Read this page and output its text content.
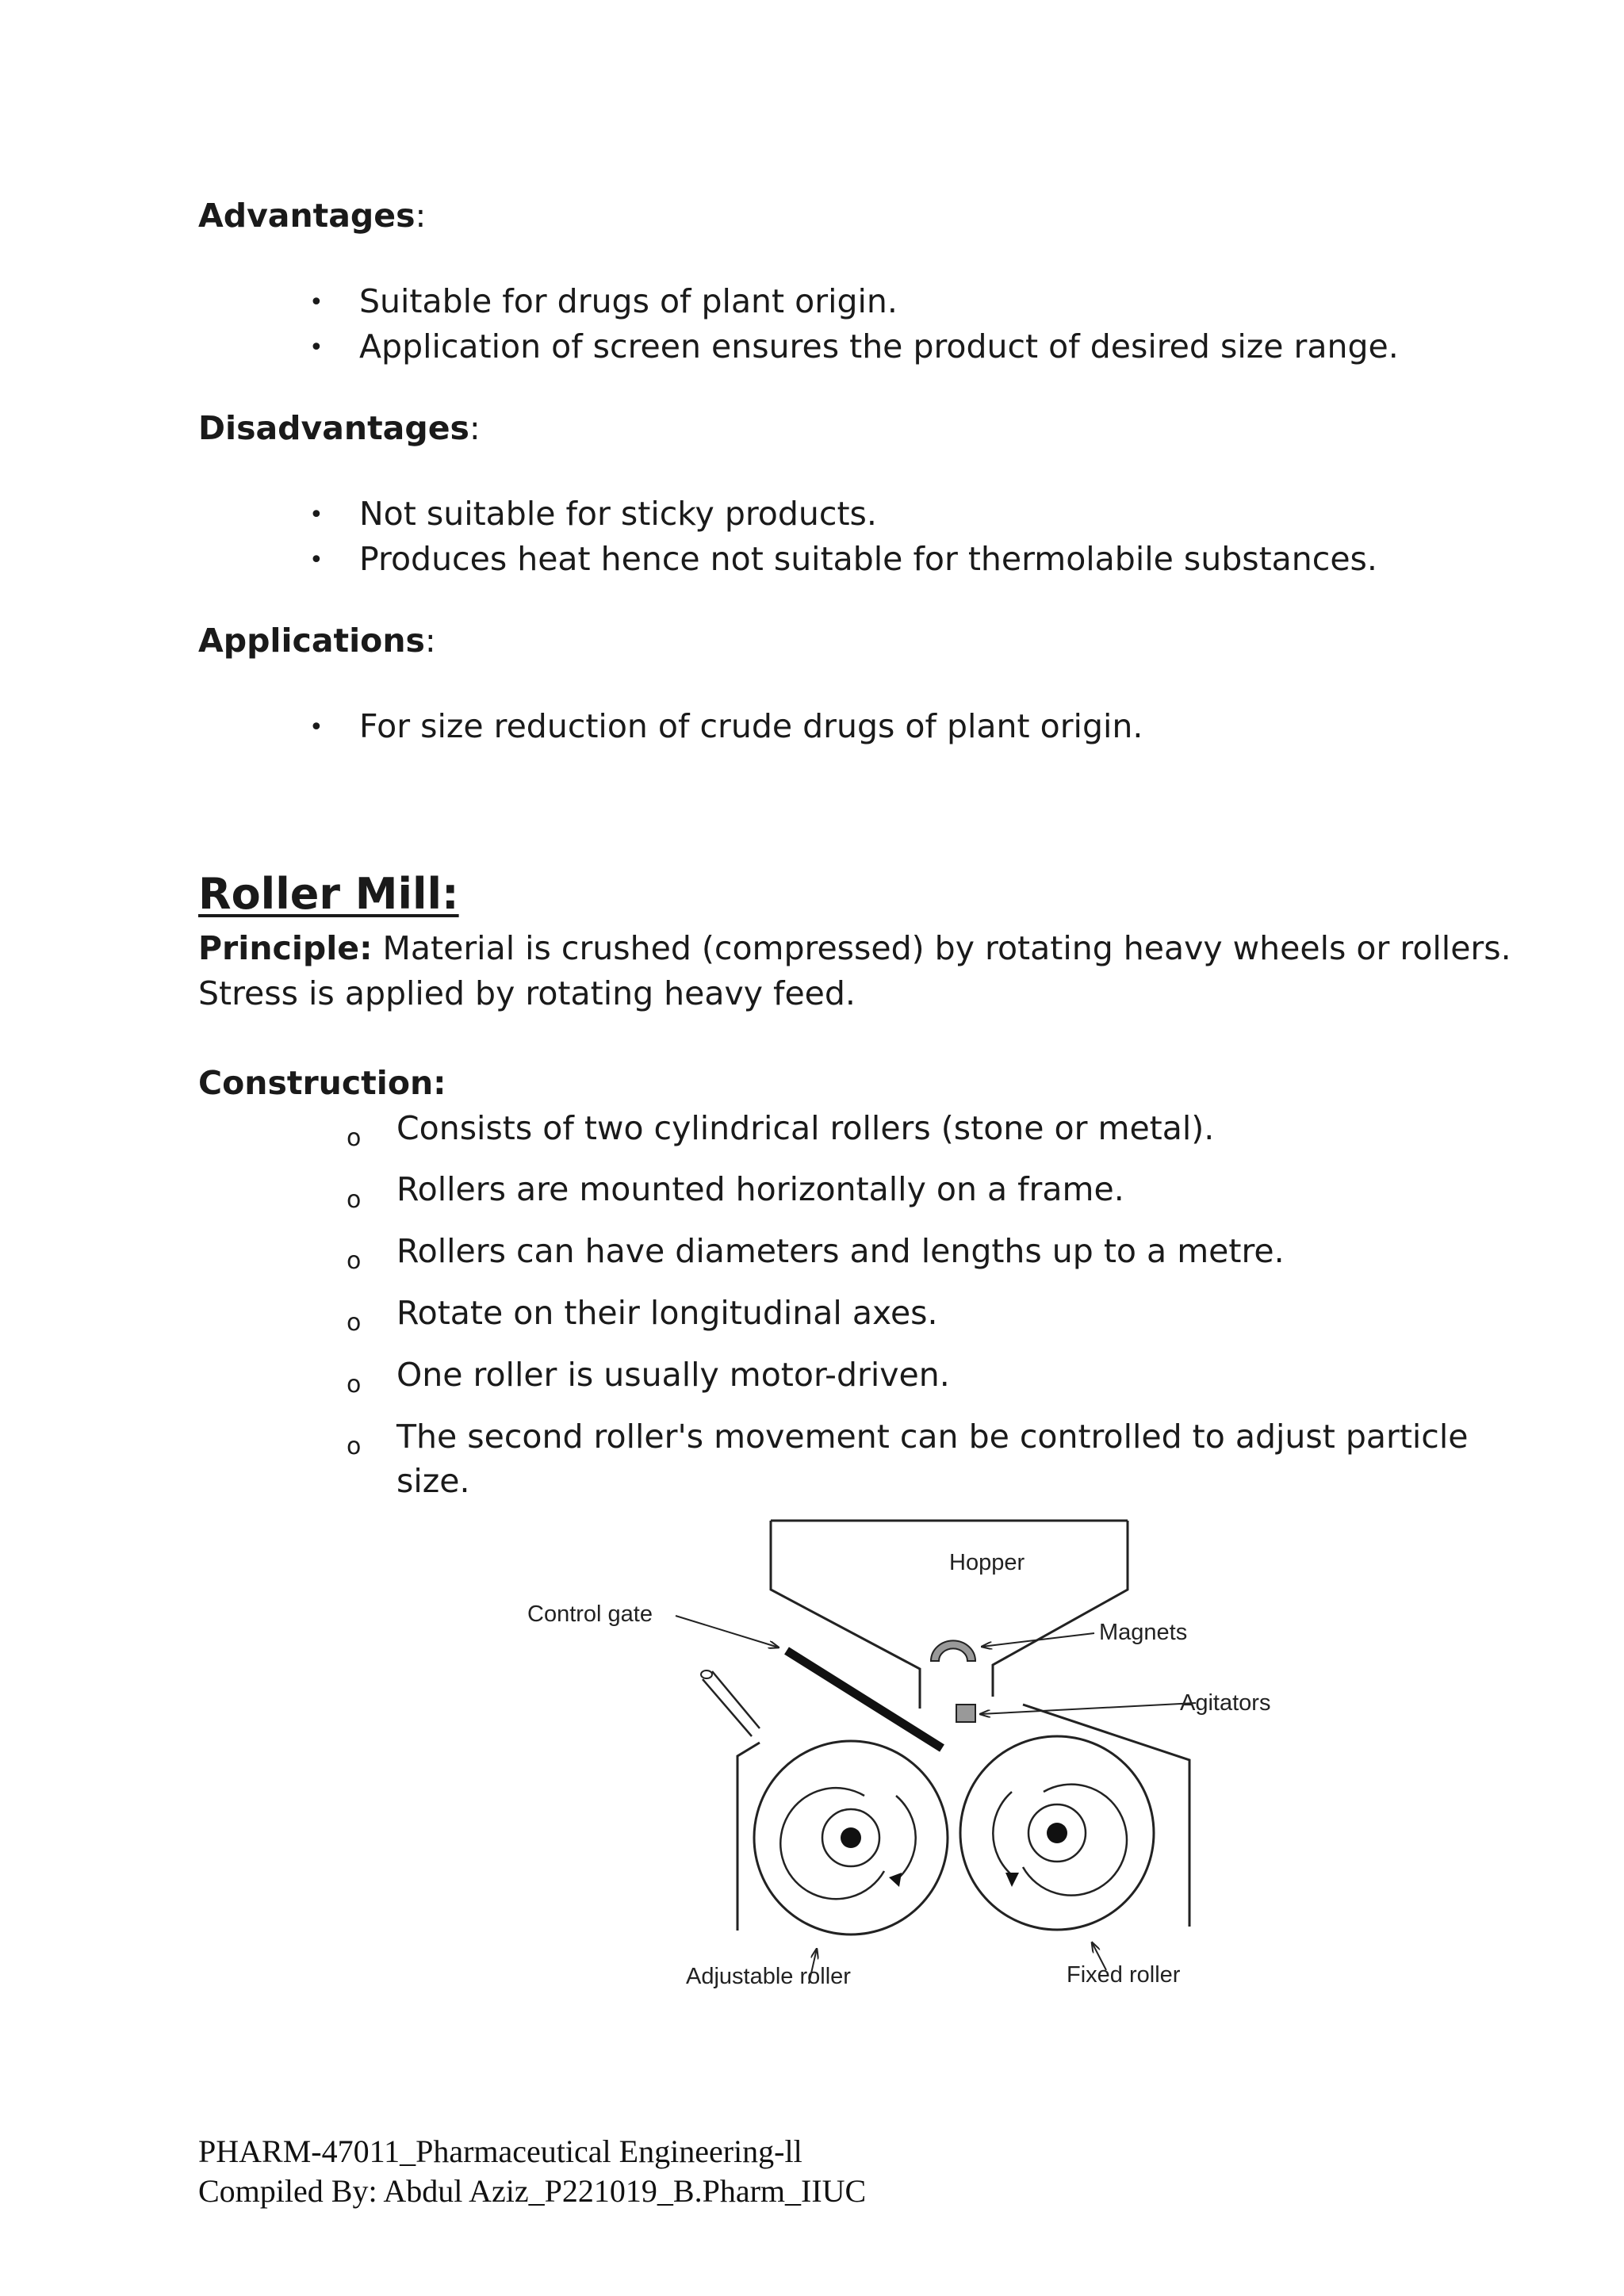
Advantages:
• Suitable for drugs of plant origin.
• Application of screen ensures the product of desired size range.
Disadvantages:
• Not suitable for sticky products.
• Produces heat hence not suitable for thermolabile substances.
Applications:
• For size reduction of crude drugs of plant origin.
Roller Mill:
Principle: Material is crushed (compressed) by rotating heavy wheels or rollers.
Stress is applied by rotating heavy feed.
Construction:
o Consists of two cylindrical rollers (stone or metal).
o Rollers are mounted horizontally on a frame.
o Rollers can have diameters and lengths up to a metre.
o Rotate on their longitudinal axes.
o One roller is usually motor-driven.
o The second roller's movement can be controlled to adjust particle
size.
Hopper
Magnets
Agitators
Control gate
Adjustable roller	Fixed roller
PHARM-47011_Pharmaceutical Engineering-ll
Compiled By: Abdul Aziz_P221019_B.Pharm_IIUC
